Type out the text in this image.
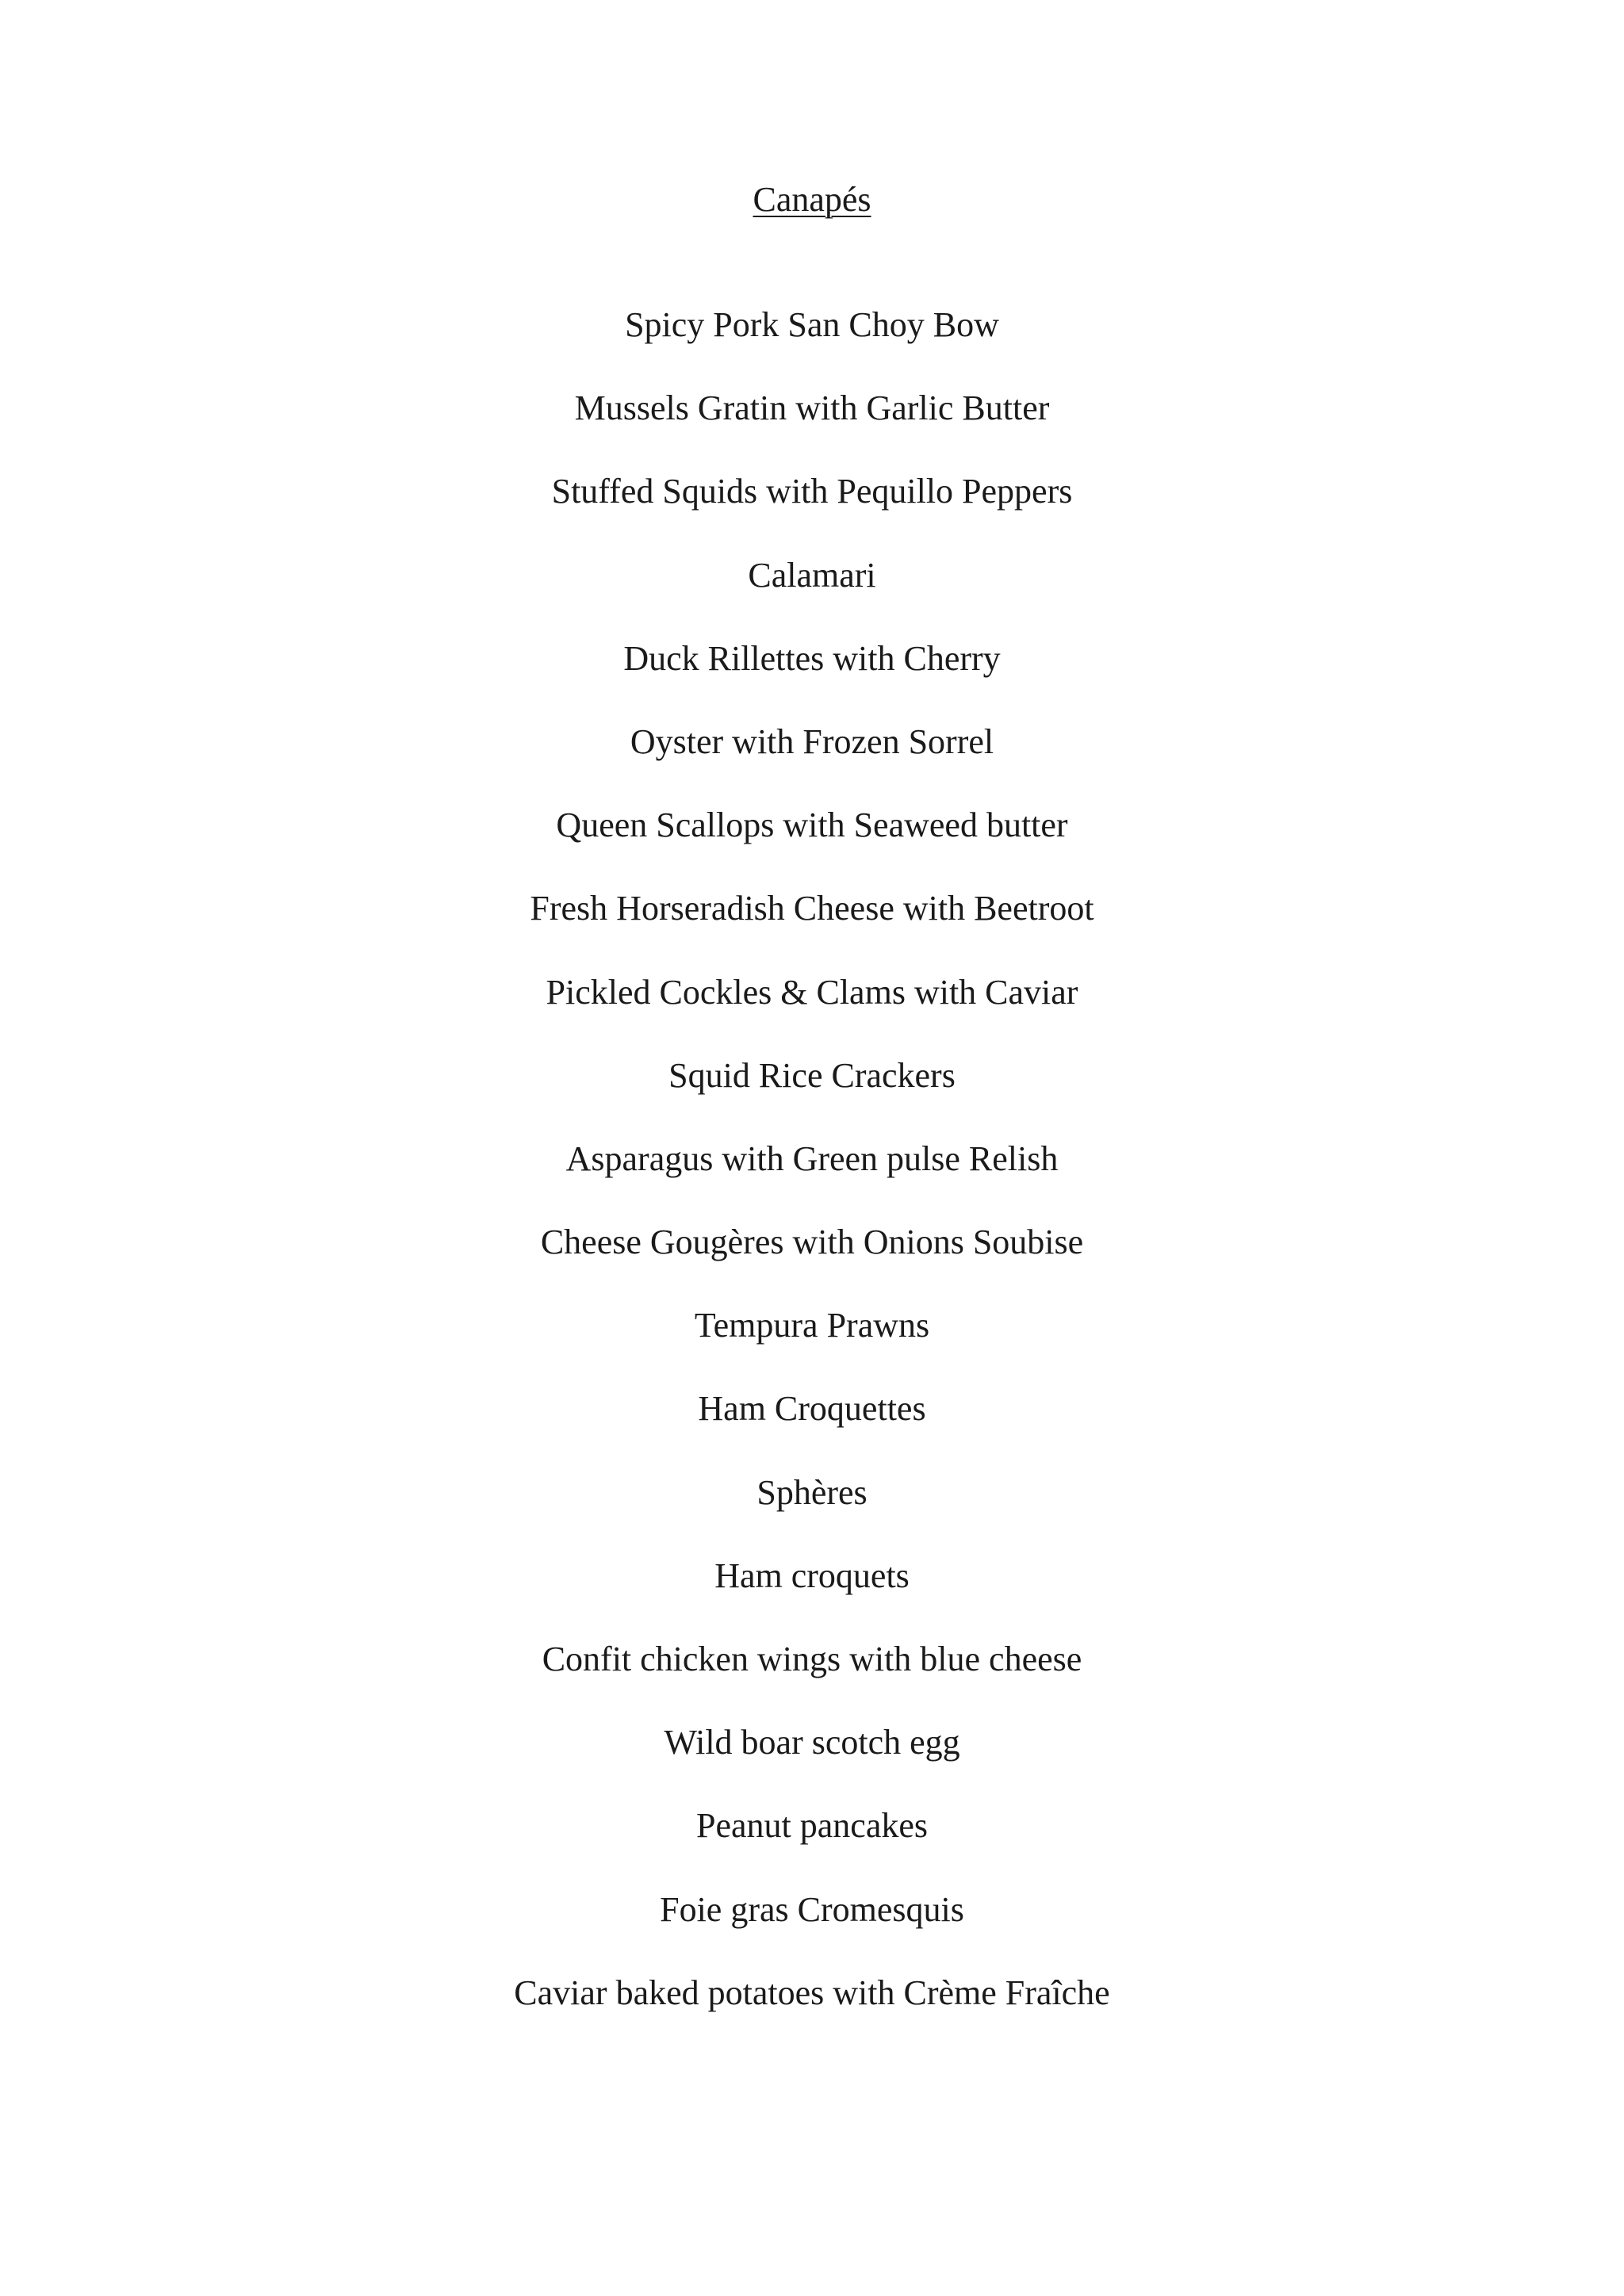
Canapés
Spicy Pork San Choy Bow
Mussels Gratin with Garlic Butter
Stuffed Squids with Pequillo Peppers
Calamari
Duck Rillettes with Cherry
Oyster with Frozen Sorrel
Queen Scallops with Seaweed butter
Fresh Horseradish Cheese with Beetroot
Pickled Cockles & Clams with Caviar
Squid Rice Crackers
Asparagus with Green pulse Relish
Cheese Gougères with Onions Soubise
Tempura Prawns
Ham Croquettes
Sphères
Ham croquets
Confit chicken wings with blue cheese
Wild boar scotch egg
Peanut pancakes
Foie gras Cromesquis
Caviar baked potatoes with Crème Fraîche
